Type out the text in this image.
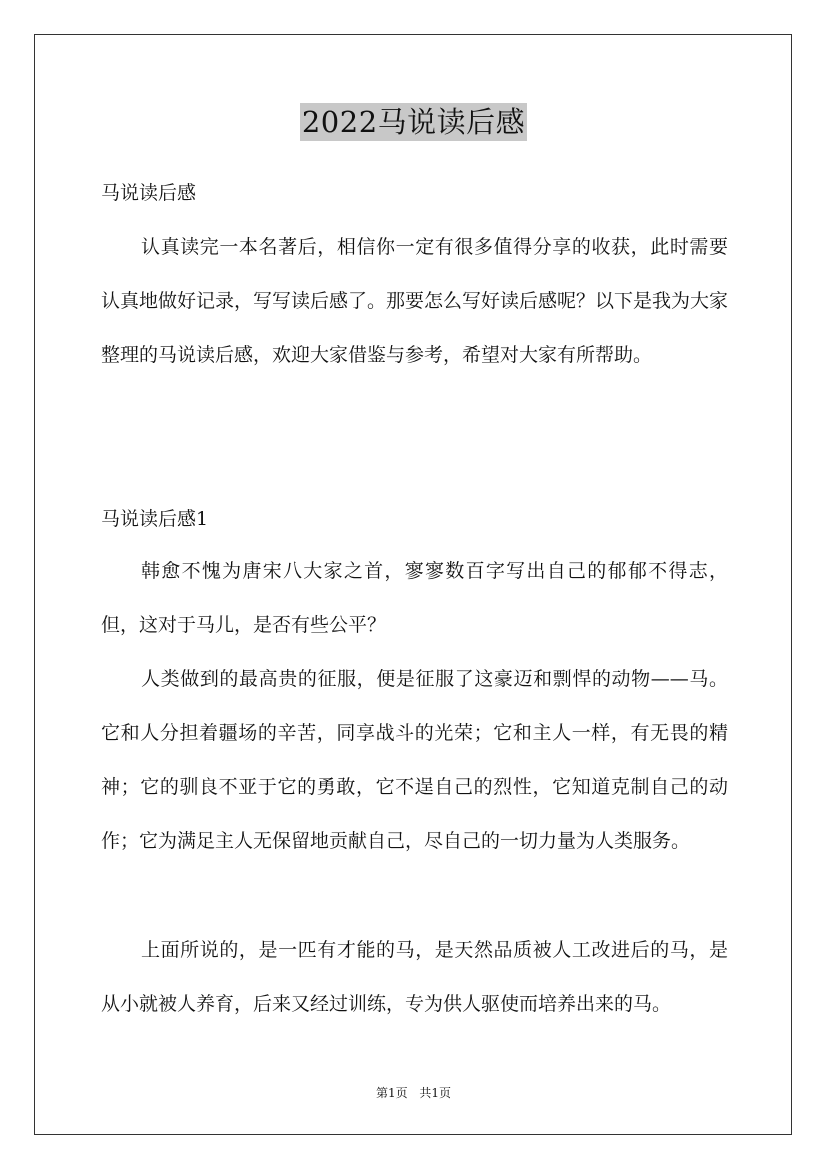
2022马说读后感
马说读后感

认真读完一本名著后，相信你一定有很多值得分享的收获，此时需要认真地做好记录，写写读后感了。那要怎么写好读后感呢？以下是我为大家整理的马说读后感，欢迎大家借鉴与参考，希望对大家有所帮助。

马说读后感1

韩愈不愧为唐宋八大家之首，寥寥数百字写出自己的郁郁不得志，但，这对于马儿，是否有些公平？

人类做到的最高贵的征服，便是征服了这豪迈和剽悍的动物——马。它和人分担着疆场的辛苦，同享战斗的光荣；它和主人一样，有无畏的精神；它的驯良不亚于它的勇敢，它不逞自己的烈性，它知道克制自己的动作；它为满足主人无保留地贡献自己，尽自己的一切力量为人类服务。

上面所说的，是一匹有才能的马，是天然品质被人工改进后的马，是从小就被人养育，后来又经过训练，专为供人驱使而培养出来的马。

第1页 共1页
